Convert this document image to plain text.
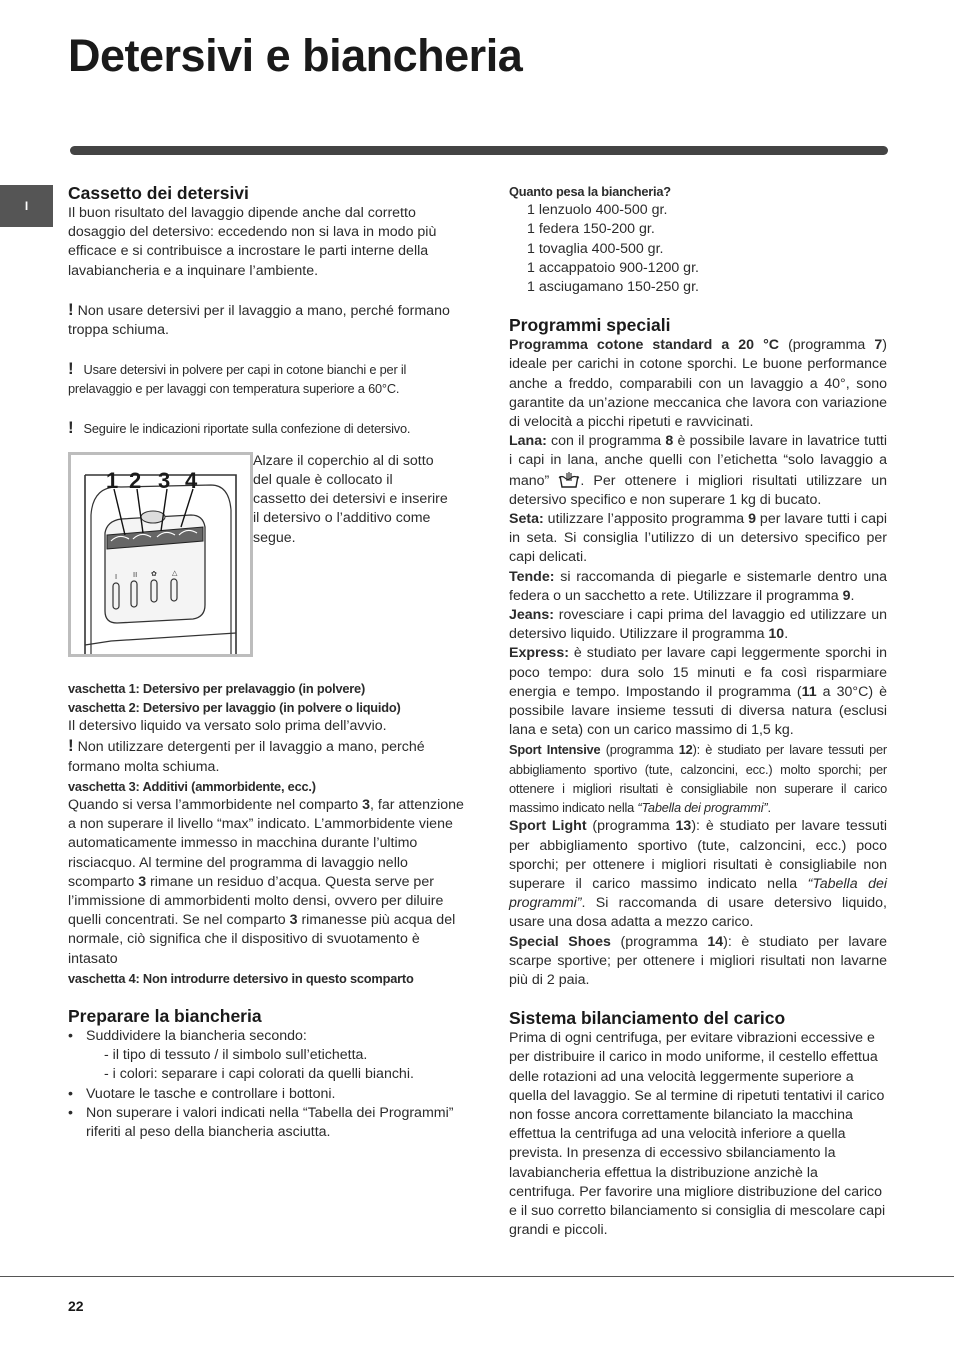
Detersivi e biancheria
I
Cassetto dei detersivi

Il buon risultato del lavaggio dipende anche dal corretto dosaggio del detersivo: eccedendo non si lava in modo più efficace e si contribuisce a incrostare le parti interne della lavabiancheria e a inquinare l’ambiente.

! Non usare detersivi per il lavaggio a mano, perché formano troppa schiuma.

! Usare detersivi in polvere per capi in cotone bianchi e per il prelavaggio e per lavaggi con temperatura superiore a 60°C.

! Seguire le indicazioni riportate sulla confezione di detersivo.

I II ✿ △
1 2 3 4

Alzare il coperchio al di sotto del quale è collocato il cassetto dei detersivi e inserire il detersivo o l’additivo come segue.

vaschetta 1: Detersivo per prelavaggio (in polvere)

vaschetta 2: Detersivo per lavaggio (in polvere o liquido)

Il detersivo liquido va versato solo prima dell’avvio.

! Non utilizzare detergenti per il lavaggio a mano, perché formano molta schiuma.

vaschetta 3: Additivi (ammorbidente, ecc.)

Quando si versa l’ammorbidente nel comparto 3, far attenzione a non superare il livello “max” indicato. L’ammorbidente viene automaticamente immesso in macchina durante l’ultimo risciacquo. Al termine del programma di lavaggio nello scomparto 3 rimane un residuo d’acqua. Questa serve per l’immissione di ammorbidenti molto densi, ovvero per diluire quelli concentrati. Se nel comparto 3 rimanesse più acqua del normale, ciò significa che il dispositivo di svuotamento è intasato

vaschetta 4: Non introdurre detersivo in questo scomparto

Preparare la biancheria
• Suddividere la biancheria secondo:
- il tipo di tessuto / il simbolo sull’etichetta.
- i colori: separare i capi colorati da quelli bianchi.
• Vuotare le tasche e controllare i bottoni.
• Non superare i valori indicati nella “Tabella dei Programmi” riferiti al peso della biancheria asciutta.

Quanto pesa la biancheria?

1 lenzuolo 400-500 gr.
1 federa 150-200 gr.
1 tovaglia 400-500 gr.
1 accappatoio 900-1200 gr.
1 asciugamano 150-250 gr.
Programmi speciali

Programma cotone standard a 20 °C (programma 7) ideale per carichi in cotone sporchi. Le buone performance anche a freddo, comparabili con un lavaggio a 40°, sono garantite da un’azione meccanica che lavora con variazione di velocità a picchi ripetuti e ravvicinati.

Lana: con il programma 8 è possibile lavare in lavatrice tutti i capi in lana, anche quelli con l’etichetta “solo lavaggio a mano” . Per ottenere i migliori risultati utilizzare un detersivo specifico e non superare 1 kg di bucato.

Seta: utilizzare l’apposito programma 9 per lavare tutti i capi in seta. Si consiglia l’utilizzo di un detersivo specifico per capi delicati.

Tende: si raccomanda di piegarle e sistemarle dentro una federa o un sacchetto a rete. Utilizzare il programma 9.

Jeans: rovesciare i capi prima del lavaggio ed utilizzare un detersivo liquido. Utilizzare il programma 10.

Express: è studiato per lavare capi leggermente sporchi in poco tempo: dura solo 15 minuti e fa così risparmiare energia e tempo. Impostando il programma (11 a 30°C) è possibile lavare insieme tessuti di diversa natura (esclusi lana e seta) con un carico massimo di 1,5 kg.

Sport Intensive (programma 12): è studiato per lavare tessuti per abbigliamento sportivo (tute, calzoncini, ecc.) molto sporchi; per ottenere i migliori risultati è consigliabile non superare il carico massimo indicato nella “Tabella dei programmi”.

Sport Light (programma 13): è studiato per lavare tessuti per abbigliamento sportivo (tute, calzoncini, ecc.) poco sporchi; per ottenere i migliori risultati è consigliabile non superare il carico massimo indicato nella “Tabella dei programmi”. Si raccomanda di usare detersivo liquido, usare una dosa adatta a mezzo carico.

Special Shoes (programma 14): è studiato per lavare scarpe sportive; per ottenere i migliori risultati non lavarne più di 2 paia.

Sistema bilanciamento del carico

Prima di ogni centrifuga, per evitare vibrazioni eccessive e per distribuire il carico in modo uniforme, il cestello effettua delle rotazioni ad una velocità leggermente superiore a quella del lavaggio. Se al termine di ripetuti tentativi il carico non fosse ancora correttamente bilanciato la macchina effettua la centrifuga ad una velocità inferiore a quella prevista. In presenza di eccessivo sbilanciamento la lavabiancheria effettua la distribuzione anzichè la centrifuga. Per favorire una migliore distribuzione del carico e il suo corretto bilanciamento si consiglia di mescolare capi grandi e piccoli.

22
